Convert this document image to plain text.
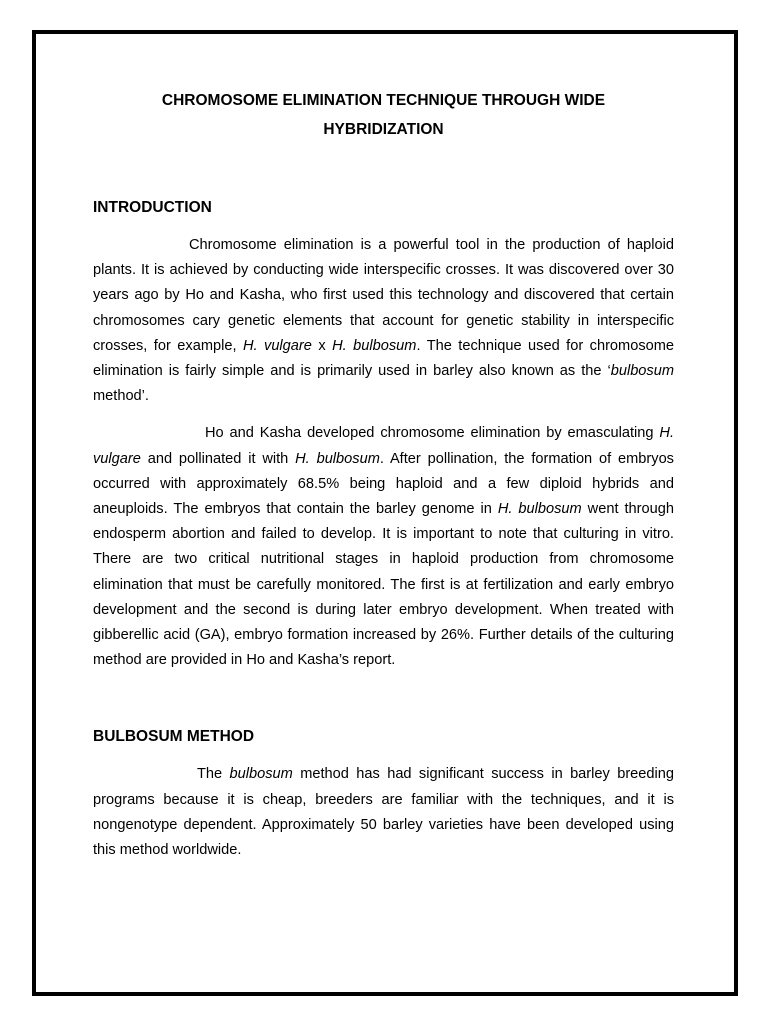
CHROMOSOME ELIMINATION TECHNIQUE THROUGH WIDE
HYBRIDIZATION
INTRODUCTION

Chromosome elimination is a powerful tool in the production of haploid plants. It is achieved by conducting wide interspecific crosses. It was discovered over 30 years ago by Ho and Kasha, who first used this technology and discovered that certain chromosomes cary genetic elements that account for genetic stability in interspecific crosses, for example, H. vulgare x H. bulbosum. The technique used for chromosome elimination is fairly simple and is primarily used in barley also known as the ‘bulbosum method’.

Ho and Kasha developed chromosome elimination by emasculating H. vulgare and pollinated it with H. bulbosum. After pollination, the formation of embryos occurred with approximately 68.5% being haploid and a few diploid hybrids and aneuploids. The embryos that contain the barley genome in H. bulbosum went through endosperm abortion and failed to develop. It is important to note that culturing in vitro. There are two critical nutritional stages in haploid production from chromosome elimination that must be carefully monitored. The first is at fertilization and early embryo development and the second is during later embryo development. When treated with gibberellic acid (GA), embryo formation increased by 26%. Further details of the culturing method are provided in Ho and Kasha’s report.

BULBOSUM METHOD

The bulbosum method has had significant success in barley breeding programs because it is cheap, breeders are familiar with the techniques, and it is nongenotype dependent. Approximately 50 barley varieties have been developed using this method worldwide.
